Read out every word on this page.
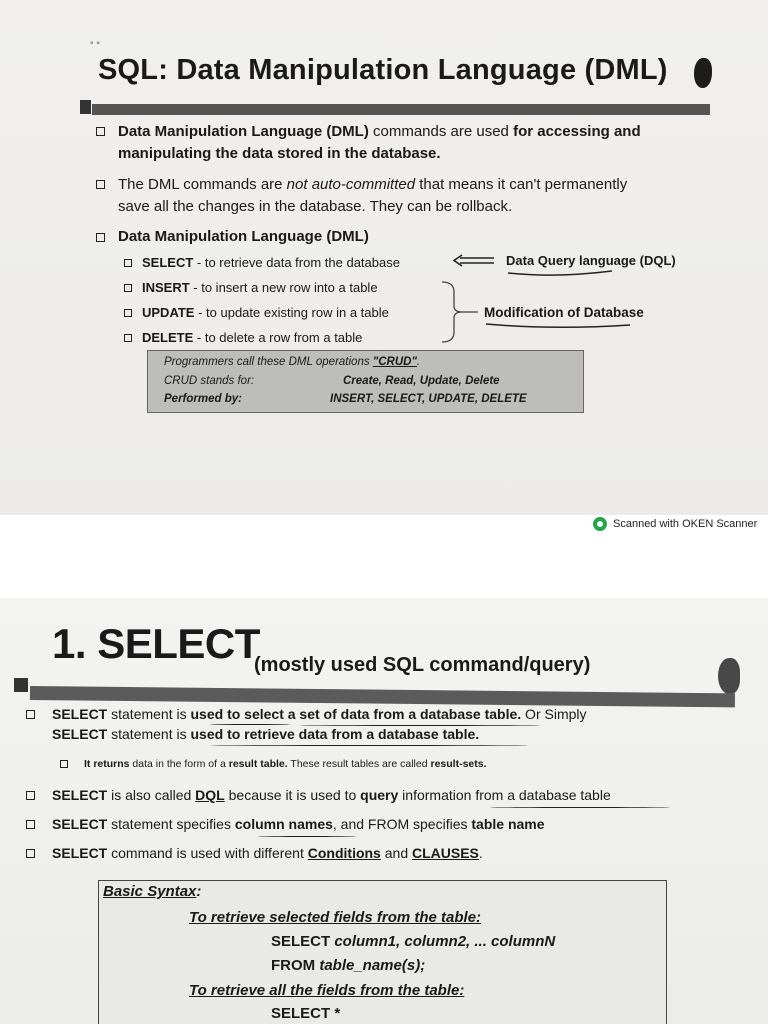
▪ ▪
SQL: Data Manipulation Language (DML)
Data Manipulation Language (DML) commands are used for accessing and
manipulating the data stored in the database.
The DML commands are not auto-committed that means it can't permanently
save all the changes in the database. They can be rollback.
Data Manipulation Language (DML)
SELECT - to retrieve data from the database
INSERT - to insert a new row into a table
UPDATE - to update existing row in a table
DELETE - to delete a row from a table
Data Query language (DQL)
Modification of Database
Programmers call these DML operations "CRUD".
CRUD stands for:	Create, Read, Update, Delete
Performed by:	INSERT, SELECT, UPDATE, DELETE
Scanned with OKEN Scanner
1. SELECT
(mostly used SQL command/query)
SELECT statement is used to select a set of data from a database table. Or Simply
SELECT statement is used to retrieve data from a database table.
It returns data in the form of a result table. These result tables are called result-sets.
SELECT is also called DQL because it is used to query information from a database table
SELECT statement specifies column names, and FROM specifies table name
SELECT command is used with different Conditions and CLAUSES.
Basic Syntax:
To retrieve selected fields from the table:
SELECT column1, column2, ... columnN
FROM table_name(s);
To retrieve all the fields from the table:
SELECT *
